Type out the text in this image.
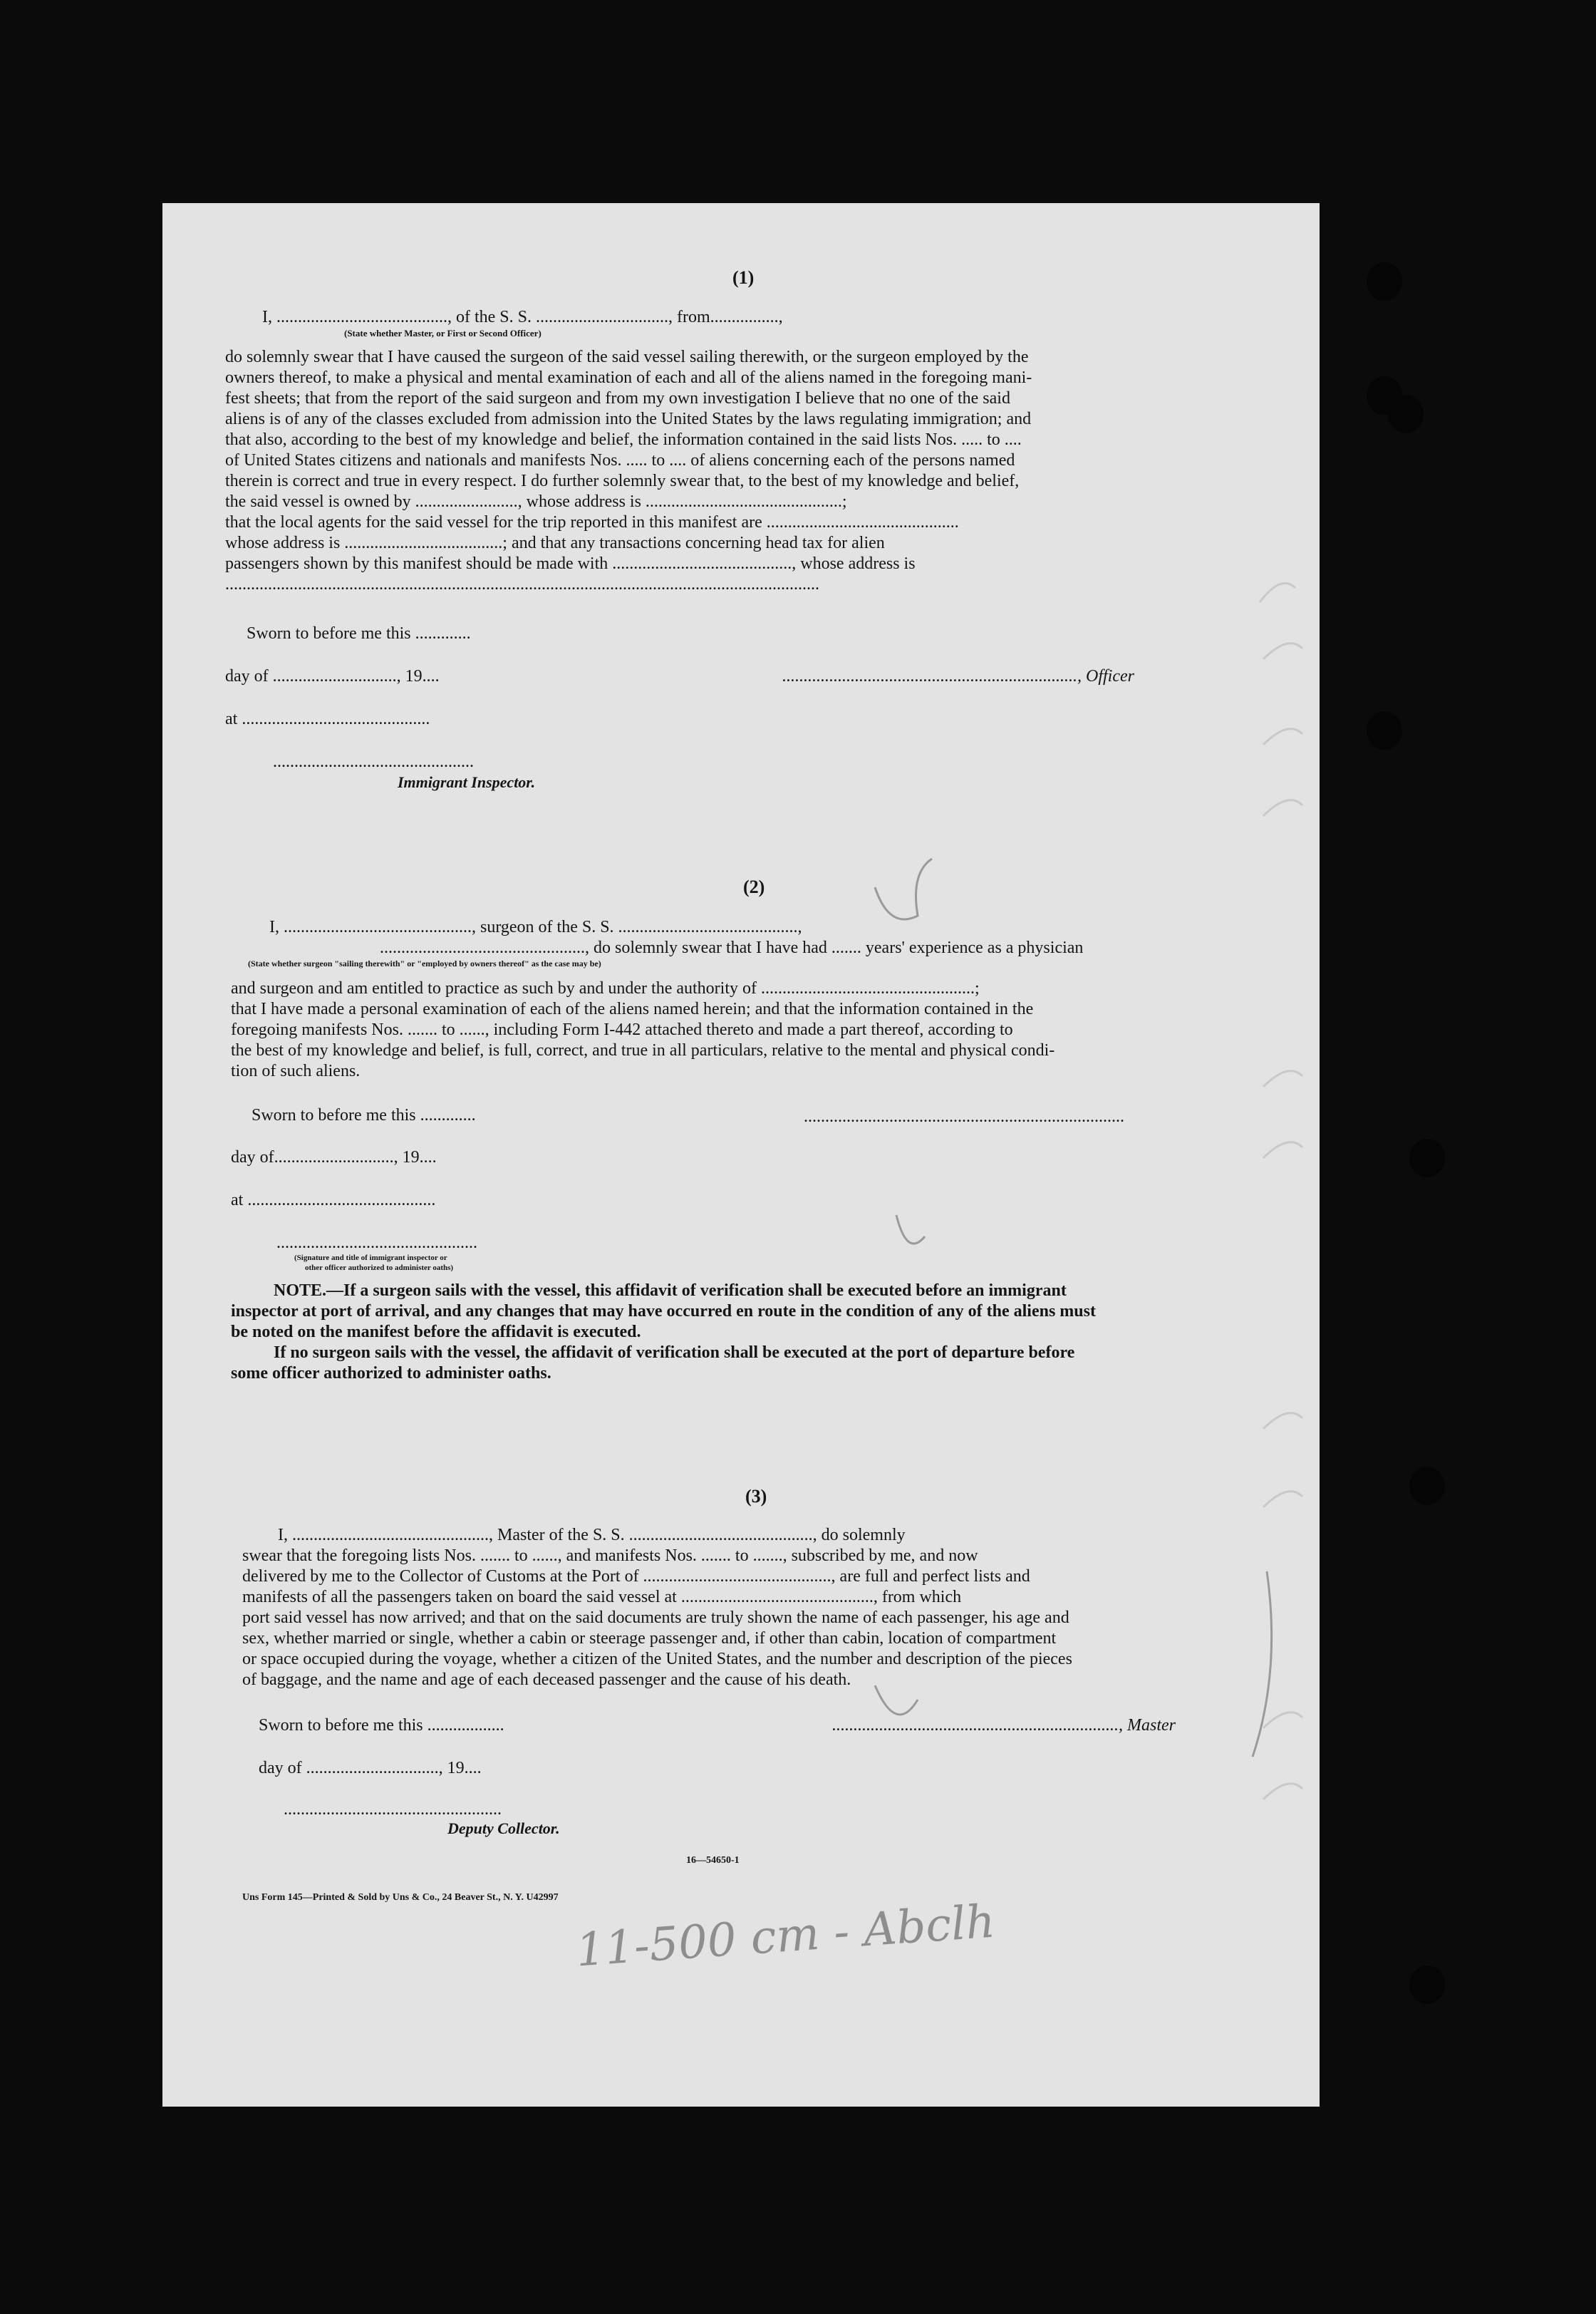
(1)
I, ........................................, of the S. S. ..............................., from................,
(State whether Master, or First or Second Officer)
do solemnly swear that I have caused the surgeon of the said vessel sailing therewith, or the surgeon employed by the
owners thereof, to make a physical and mental examination of each and all of the aliens named in the foregoing mani-
fest sheets; that from the report of the said surgeon and from my own investigation I believe that no one of the said
aliens is of any of the classes excluded from admission into the United States by the laws regulating immigration; and
that also, according to the best of my knowledge and belief, the information contained in the said lists Nos. ..... to ....
of United States citizens and nationals and manifests Nos. ..... to .... of aliens concerning each of the persons named
therein is correct and true in every respect. I do further solemnly swear that, to the best of my knowledge and belief,
the said vessel is owned by ........................, whose address is ..............................................;
that the local agents for the said vessel for the trip reported in this manifest are .............................................
whose address is .....................................; and that any transactions concerning head tax for alien
passengers shown by this manifest should be made with .........................................., whose address is
...........................................................................................................................................
Sworn to before me this .............
day of ............................., 19....
at ............................................
...............................................
Immigrant Inspector.
....................................................................., Officer
(2)
I, ............................................, surgeon of the S. S. ..........................................,
................................................, do solemnly swear that I have had ....... years' experience as a physician
(State whether surgeon "sailing therewith" or "employed by owners thereof" as the case may be)
and surgeon and am entitled to practice as such by and under the authority of ..................................................;
that I have made a personal examination of each of the aliens named herein; and that the information contained in the
foregoing manifests Nos. ....... to ......, including Form I-442 attached thereto and made a part thereof, according to
the best of my knowledge and belief, is full, correct, and true in all particulars, relative to the mental and physical condi-
tion of such aliens.
Sworn to before me this .............
day of............................, 19....
at ............................................
...............................................
(Signature and title of immigrant inspector or
other officer authorized to administer oaths)
...........................................................................
NOTE.—If a surgeon sails with the vessel, this affidavit of verification shall be executed before an immigrant
inspector at port of arrival, and any changes that may have occurred en route in the condition of any of the aliens must
be noted on the manifest before the affidavit is executed.
If no surgeon sails with the vessel, the affidavit of verification shall be executed at the port of departure before
some officer authorized to administer oaths.
(3)
I, .............................................., Master of the S. S. ..........................................., do solemnly
swear that the foregoing lists Nos. ....... to ......, and manifests Nos. ....... to ......., subscribed by me, and now
delivered by me to the Collector of Customs at the Port of ............................................, are full and perfect lists and
manifests of all the passengers taken on board the said vessel at ............................................., from which
port said vessel has now arrived; and that on the said documents are truly shown the name of each passenger, his age and
sex, whether married or single, whether a cabin or steerage passenger and, if other than cabin, location of compartment
or space occupied during the voyage, whether a citizen of the United States, and the number and description of the pieces
of baggage, and the name and age of each deceased passenger and the cause of his death.
Sworn to before me this ..................
day of ..............................., 19....
...................................................
Deputy Collector.
..................................................................., Master
16—54650-1
Uns Form 145—Printed & Sold by Uns & Co., 24 Beaver St., N. Y. U42997 11-500 cm - Abclh
